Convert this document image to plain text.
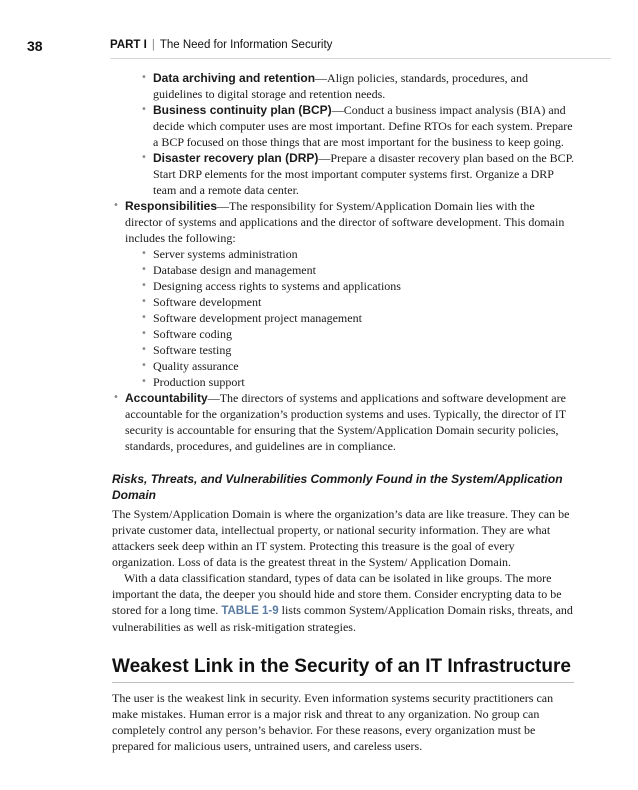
38	PART I | The Need for Information Security
• Data archiving and retention—Align policies, standards, procedures, and guidelines to digital storage and retention needs.
• Business continuity plan (BCP)—Conduct a business impact analysis (BIA) and decide which computer uses are most important. Define RTOs for each system. Prepare a BCP focused on those things that are most important for the business to keep going.
• Disaster recovery plan (DRP)—Prepare a disaster recovery plan based on the BCP. Start DRP elements for the most important computer systems first. Organize a DRP team and a remote data center.
• Responsibilities—The responsibility for System/Application Domain lies with the director of systems and applications and the director of software development. This domain includes the following:
• Server systems administration
• Database design and management
• Designing access rights to systems and applications
• Software development
• Software development project management
• Software coding
• Software testing
• Quality assurance
• Production support
• Accountability—The directors of systems and applications and software development are accountable for the organization’s production systems and uses. Typically, the director of IT security is accountable for ensuring that the System/Application Domain security policies, standards, procedures, and guidelines are in compliance.
Risks, Threats, and Vulnerabilities Commonly Found in the System/Application Domain

The System/Application Domain is where the organization’s data are like treasure. They can be private customer data, intellectual property, or national security information. They are what attackers seek deep within an IT system. Protecting this treasure is the goal of every organization. Loss of data is the greatest threat in the System/ Application Domain.

With a data classification standard, types of data can be isolated in like groups. The more important the data, the deeper you should hide and store them. Consider encrypting data to be stored for a long time. TABLE 1-9 lists common System/Application Domain risks, threats, and vulnerabilities as well as risk-mitigation strategies.

Weakest Link in the Security of an IT Infrastructure

The user is the weakest link in security. Even information systems security practitioners can make mistakes. Human error is a major risk and threat to any organization. No group can completely control any person’s behavior. For these reasons, every organization must be prepared for malicious users, untrained users, and careless users.
